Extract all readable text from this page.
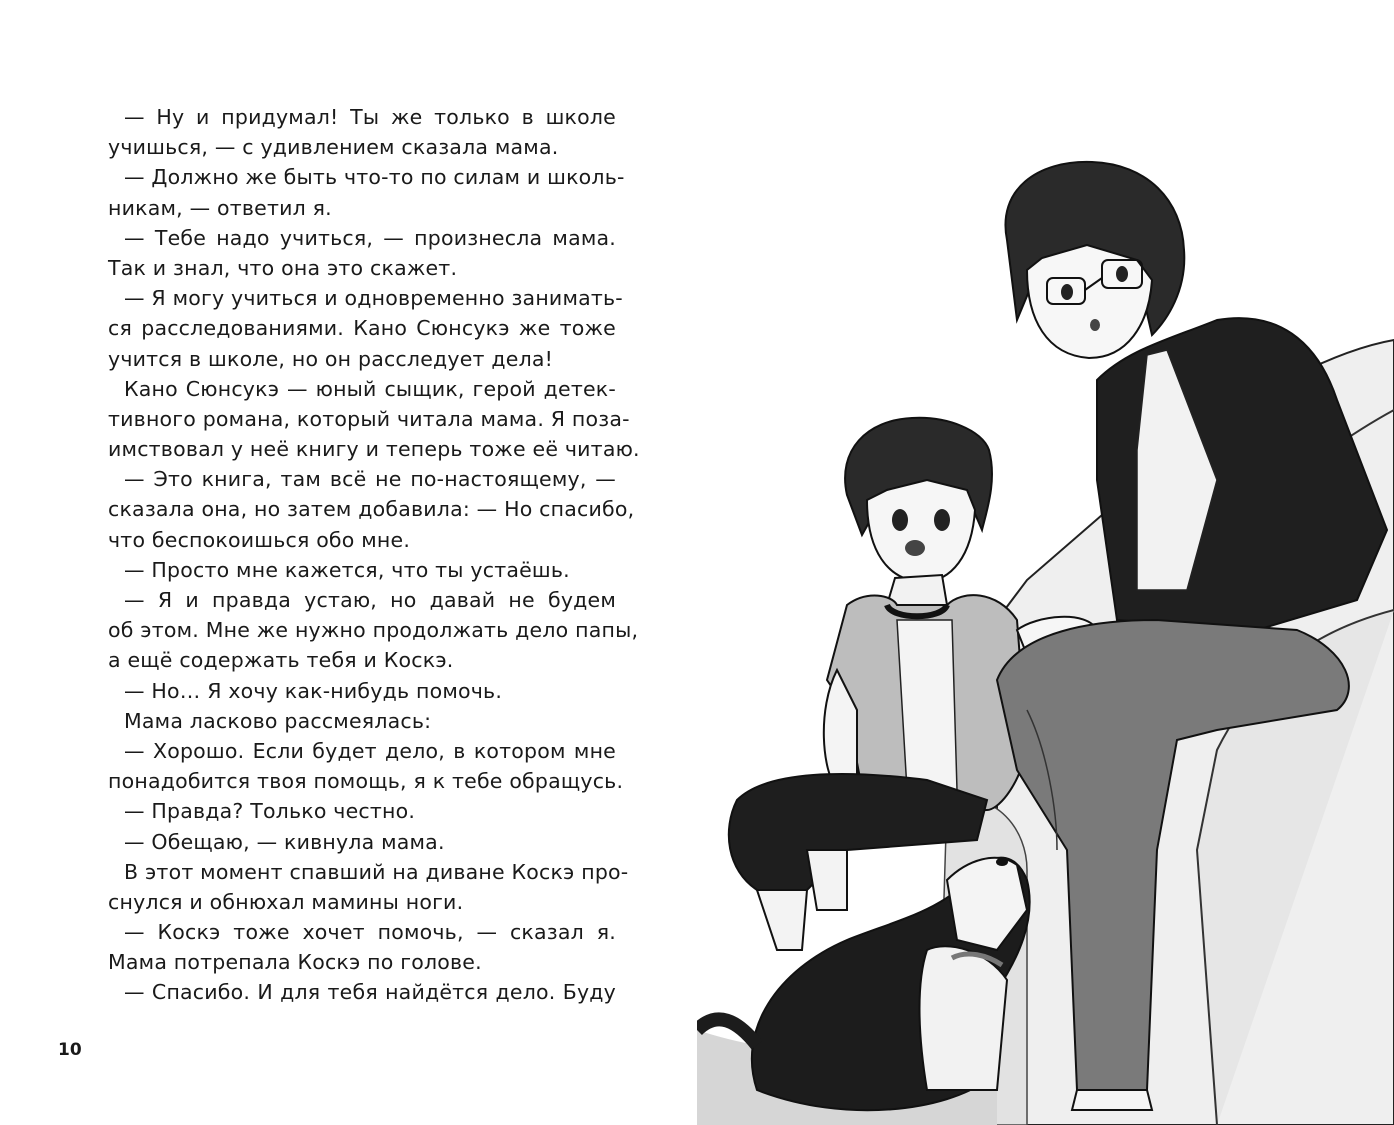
— Ну и придумал! Ты же только в школе
учишься, — с удивлением сказала мама.
— Должно же быть что-то по силам и школь-
никам, — ответил я.
— Тебе надо учиться, — произнесла мама.
Так и знал, что она это скажет.
— Я могу учиться и одновременно занимать-
ся расследованиями. Кано Сюнсукэ же тоже
учится в школе, но он расследует дела!
Кано Сюнсукэ — юный сыщик, герой детек-
тивного романа, который читала мама. Я поза-
имствовал у неё книгу и теперь тоже её читаю.
— Это книга, там всё не по-настоящему, —
сказала она, но затем добавила: — Но спасибо,
что беспокоишься обо мне.
— Просто мне кажется, что ты устаёшь.
— Я и правда устаю, но давай не будем
об этом. Мне же нужно продолжать дело папы,
а ещё содержать тебя и Коскэ.
— Но… Я хочу как-нибудь помочь.
Мама ласково рассмеялась:
— Хорошо. Если будет дело, в котором мне
понадобится твоя помощь, я к тебе обращусь.
— Правда? Только честно.
— Обещаю, — кивнула мама.
В этот момент спавший на диване Коскэ про-
снулся и обнюхал мамины ноги.
— Коскэ тоже хочет помочь, — сказал я.
Мама потрепала Коскэ по голове.
— Спасибо. И для тебя найдётся дело. Буду
10
